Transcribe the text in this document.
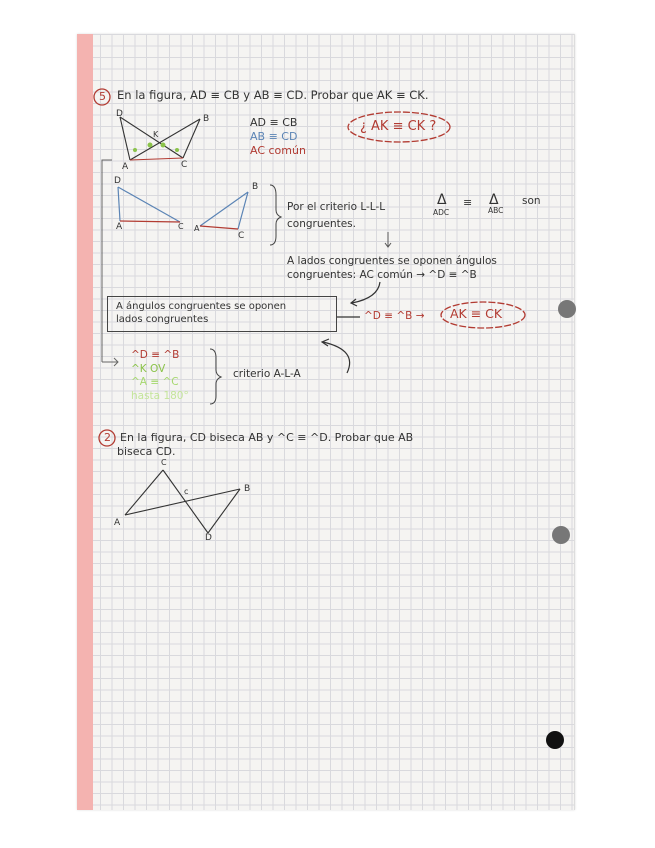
5 En la figura, AD ≡ CB y AB ≡ CD. Probar que AK ≡ CK.
D	B
K
A	C
AD ≡ CB
AB ≡ CD
AC común
¿ AK ≡ CK ?
D
A	C
B
A
C
Por el criterio L-L-L	Δ ≡ Δ
ADC	ABC
son
congruentes.
A lados congruentes se oponen ángulos
congruentes: AC común → ^D ≡ ^B
A ángulos congruentes se oponen
lados congruentes	^D ≡ ^B → AK ≡ CK
^D ≡ ^B
^K OV
^A ≡ ^C
hasta 180°
criterio A-L-A
2 En la figura, CD biseca AB y ^C ≡ ^D. Probar que AB
biseca CD.
C
c	B
A
D
